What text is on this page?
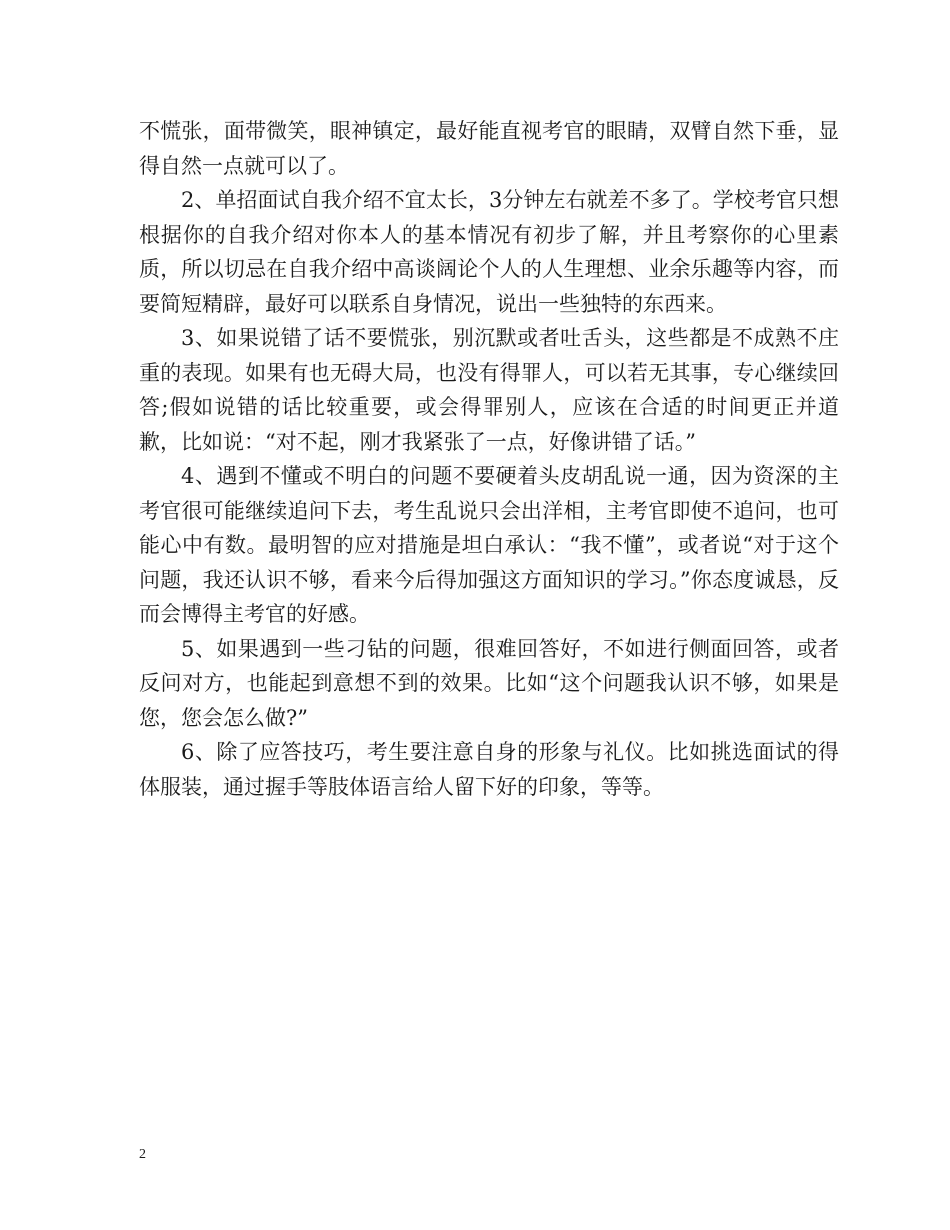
不慌张，面带微笑，眼神镇定，最好能直视考官的眼睛，双臂自然下垂，显得自然一点就可以了。

2、单招面试自我介绍不宜太长，3分钟左右就差不多了。学校考官只想根据你的自我介绍对你本人的基本情况有初步了解，并且考察你的心里素质，所以切忌在自我介绍中高谈阔论个人的人生理想、业余乐趣等内容，而要简短精辟，最好可以联系自身情况，说出一些独特的东西来。

3、如果说错了话不要慌张，别沉默或者吐舌头，这些都是不成熟不庄重的表现。如果有也无碍大局，也没有得罪人，可以若无其事，专心继续回答;假如说错的话比较重要，或会得罪别人，应该在合适的时间更正并道歉，比如说：“对不起，刚才我紧张了一点，好像讲错了话。”

4、遇到不懂或不明白的问题不要硬着头皮胡乱说一通，因为资深的主考官很可能继续追问下去，考生乱说只会出洋相，主考官即使不追问，也可能心中有数。最明智的应对措施是坦白承认：“我不懂”，或者说“对于这个问题，我还认识不够，看来今后得加强这方面知识的学习。”你态度诚恳，反而会博得主考官的好感。

5、如果遇到一些刁钻的问题，很难回答好，不如进行侧面回答，或者反问对方，也能起到意想不到的效果。比如“这个问题我认识不够，如果是您，您会怎么做?”

6、除了应答技巧，考生要注意自身的形象与礼仪。比如挑选面试的得体服装，通过握手等肢体语言给人留下好的印象，等等。

2
